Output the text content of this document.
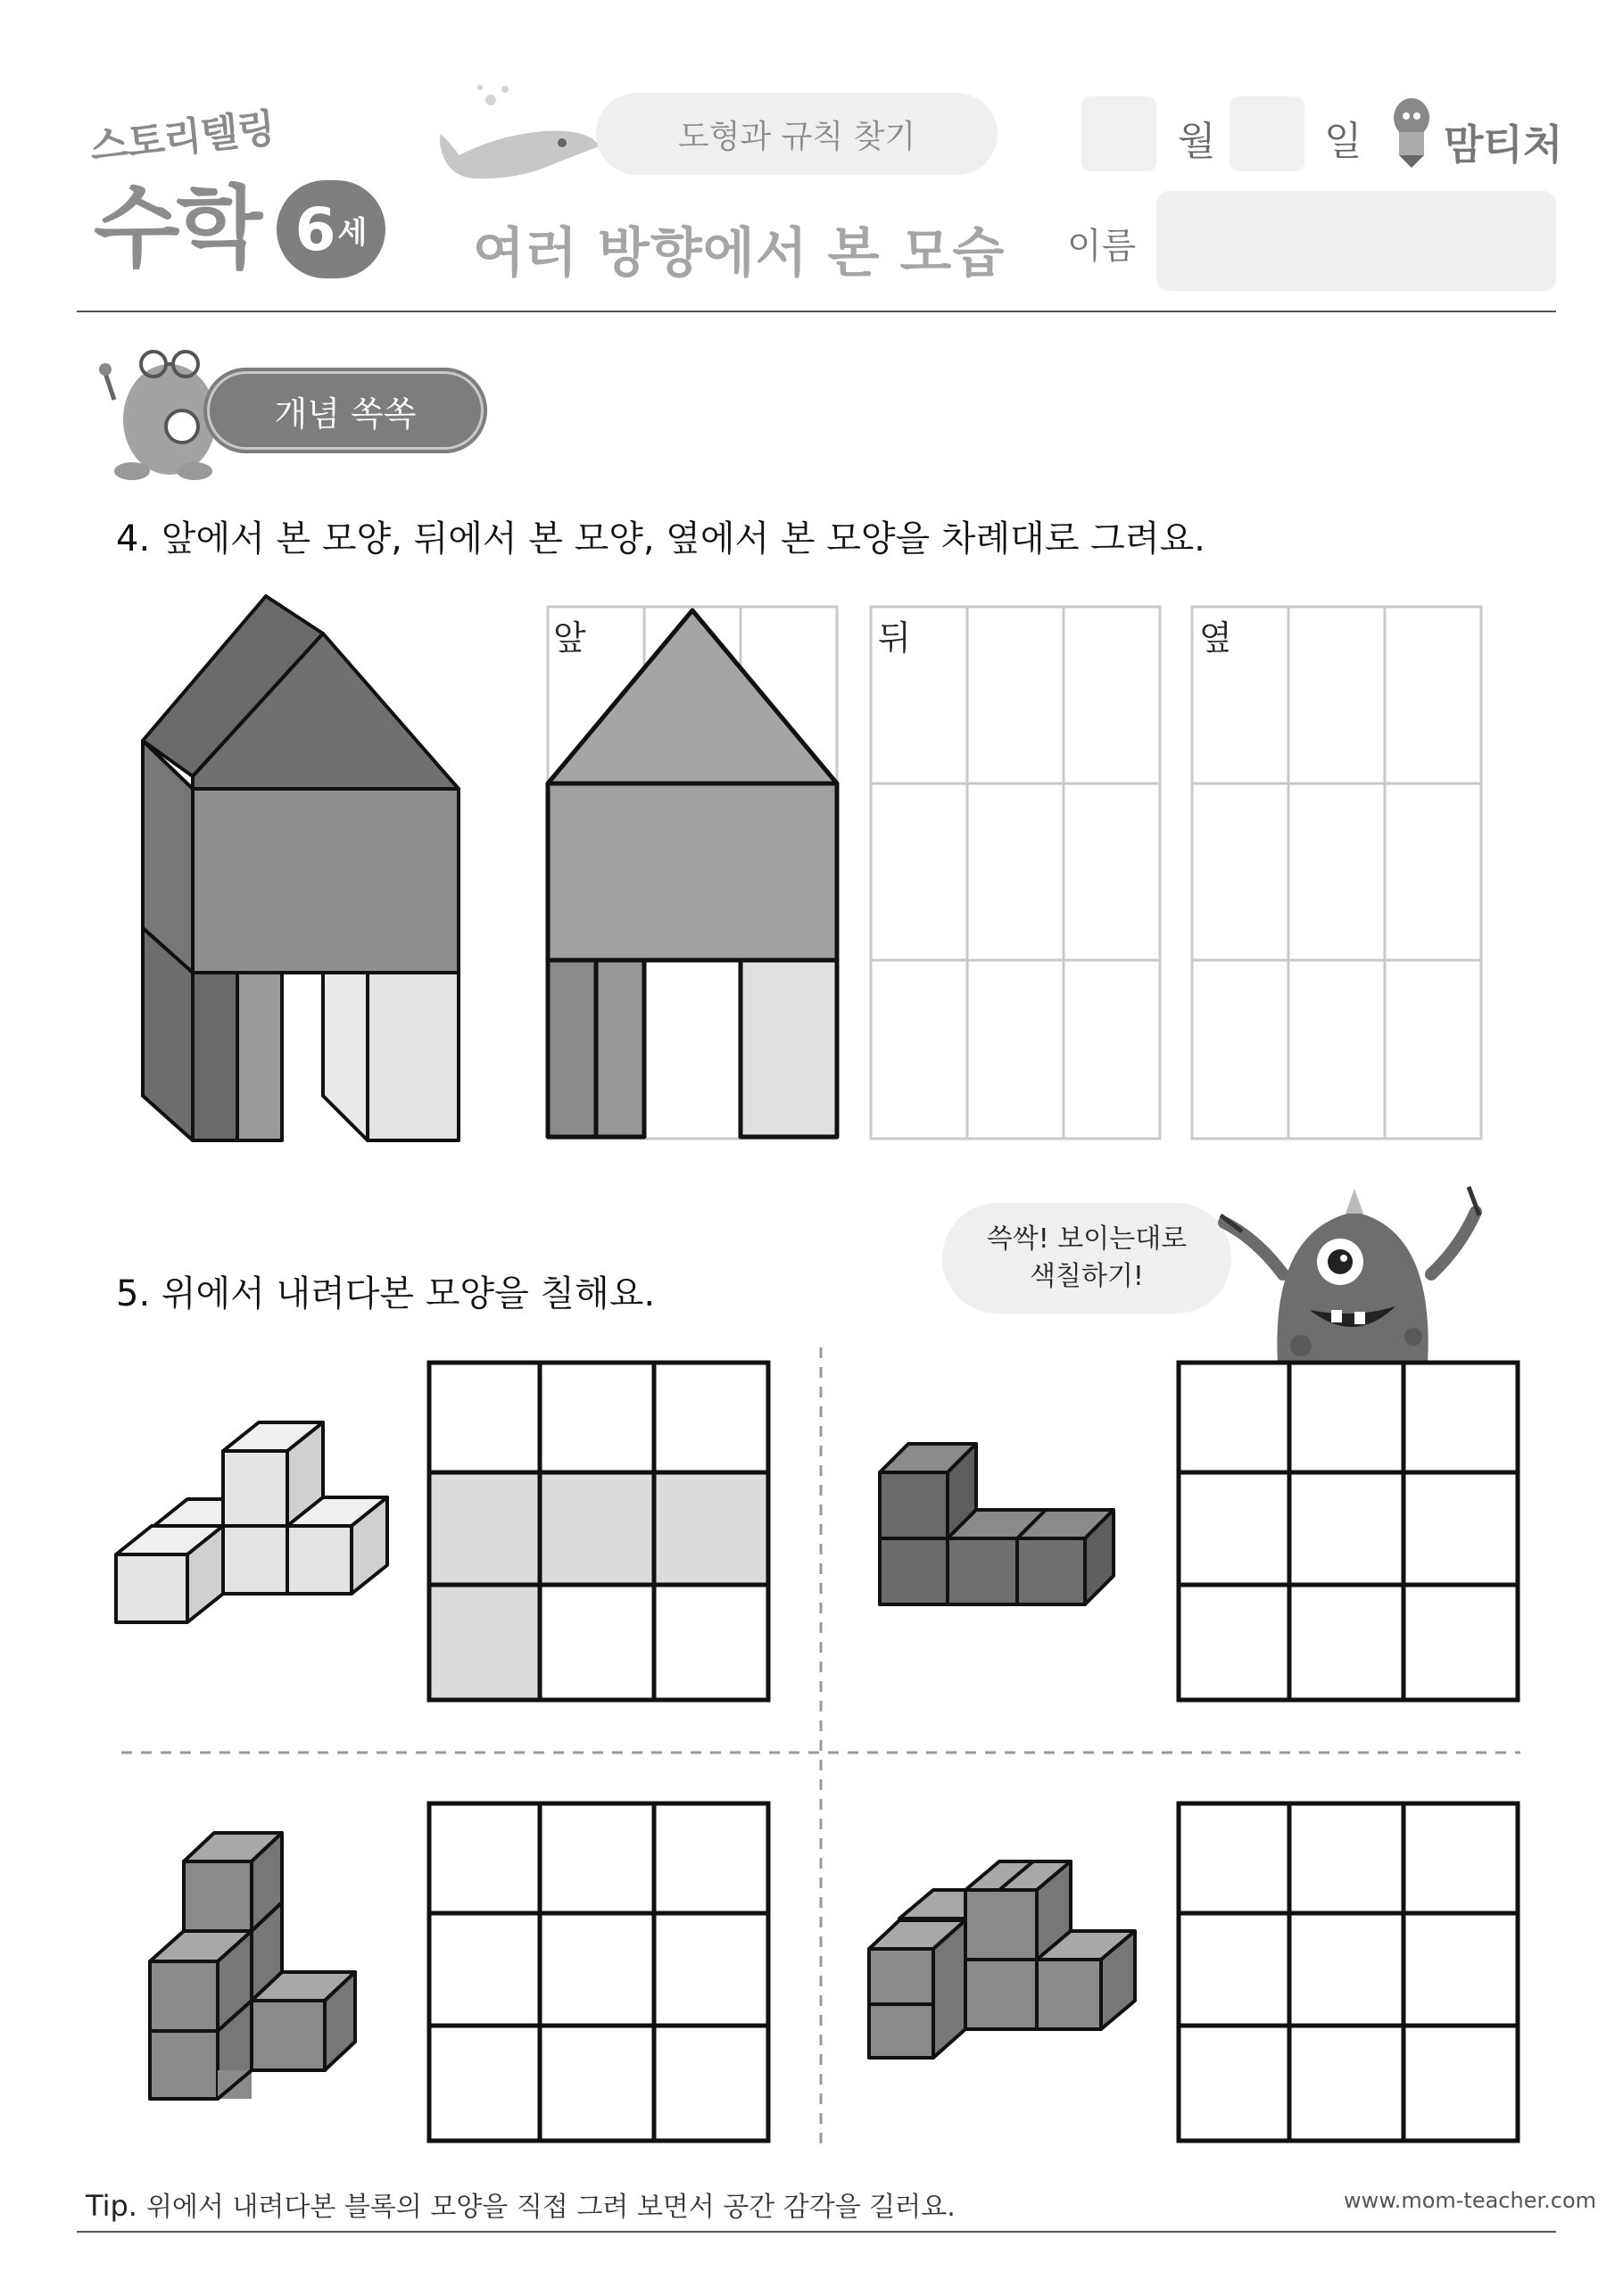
스토리텔링
수학 6 세
도형과 규칙 찾기
여러 방향에서 본 모습
월	일 맘티처
이름
개념 쏙쏙
4. 앞에서 본 모양, 뒤에서 본 모양, 옆에서 본 모양을 차례대로 그려요.
앞	뒤	옆
5. 위에서 내려다본 모양을 칠해요.
쓱싹! 보이는대로
색칠하기!
Tip. 위에서 내려다본 블록의 모양을 직접 그려 보면서 공간 감각을 길러요.	www.mom-teacher.com
